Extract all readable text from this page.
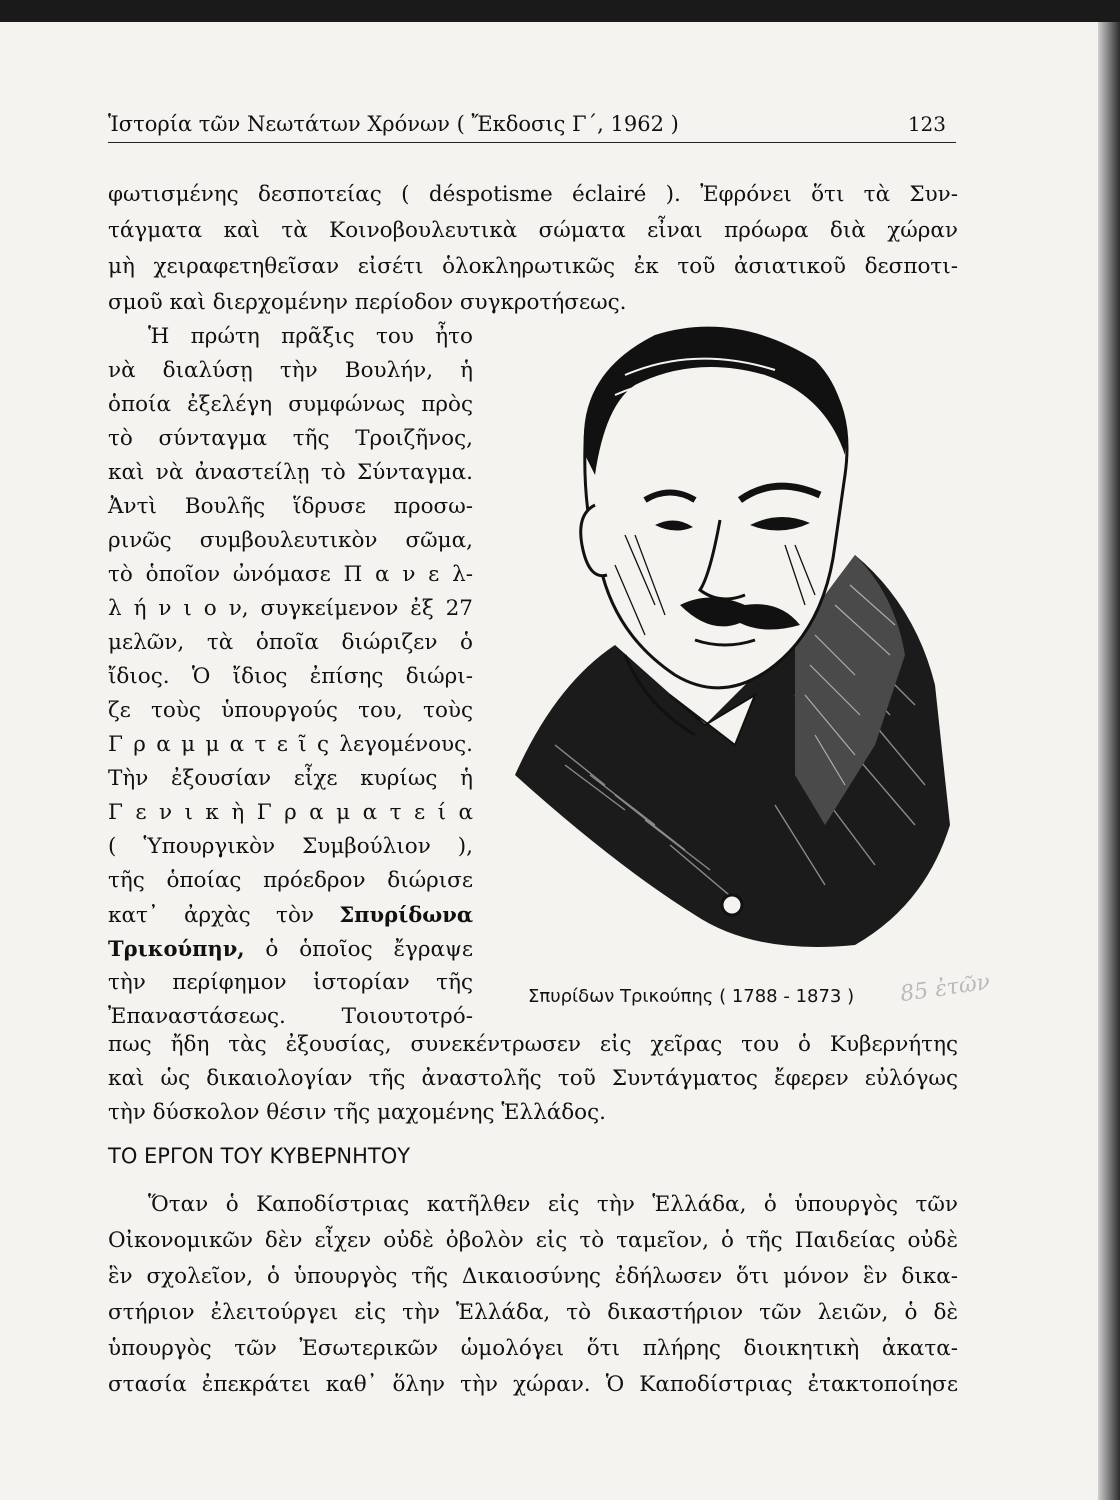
Ἱστορία τῶν Νεωτάτων Χρόνων ( Ἔκδοσις Γ΄, 1962 )	123
φωτισμένης δεσποτείας ( déspotisme éclairé ). Ἐφρόνει ὅτι τὰ Συν-
τάγματα καὶ τὰ Κοινοβουλευτικὰ σώματα εἶναι πρόωρα διὰ χώραν
μὴ χειραφετηθεῖσαν εἰσέτι ὁλοκληρωτικῶς ἐκ τοῦ ἀσιατικοῦ δεσποτι-
σμοῦ καὶ διερχομένην περίοδον συγκροτήσεως.
Ἡ πρώτη πρᾶξις του ἦτο
νὰ διαλύσῃ τὴν Βουλήν, ἡ
ὁποία ἐξελέγη συμφώνως πρὸς
τὸ σύνταγμα τῆς Τροιζῆνος,
καὶ νὰ ἀναστείλῃ τὸ Σύνταγμα.
Ἀντὶ Βουλῆς ἵδρυσε προσω-
ρινῶς συμβουλευτικὸν σῶμα,
τὸ ὁποῖον ὠνόμασε Π α ν ε λ-
λ ή ν ι ο ν, συγκείμενον ἐξ 27
μελῶν, τὰ ὁποῖα διώριζεν ὁ
ἴδιος. Ὁ ἴδιος ἐπίσης διώρι-
ζε τοὺς ὑπουργούς του, τοὺς
Γ ρ α μ μ α τ ε ῖ ς λεγομένους.
Τὴν ἐξουσίαν εἶχε κυρίως ἡ
Γ ε ν ι κ ὴ Γ ρ α μ α τ ε ί α
( Ὑπουργικὸν Συμβούλιον ),
τῆς ὁποίας πρόεδρον διώρισε
κατ᾿ ἀρχὰς τὸν Σπυρίδωνα
Τρικούπην, ὁ ὁποῖος ἔγραψε
τὴν περίφημον ἱστορίαν τῆς
Ἐπαναστάσεως. Τοιουτοτρό-
Σπυρίδων Τρικούπης ( 1788 - 1873 ) 85 ἐτῶν
πως ἤδη τὰς ἐξουσίας, συνεκέντρωσεν εἰς χεῖρας του ὁ Κυβερνήτης
καὶ ὡς δικαιολογίαν τῆς ἀναστολῆς τοῦ Συντάγματος ἔφερεν εὐλόγως
τὴν δύσκολον θέσιν τῆς μαχομένης Ἑλλάδος.
ΤΟ ΕΡΓΟΝ ΤΟΥ ΚΥΒΕΡΝΗΤΟΥ
Ὅταν ὁ Καποδίστριας κατῆλθεν εἰς τὴν Ἑλλάδα, ὁ ὑπουργὸς τῶν
Οἰκονομικῶν δὲν εἶχεν οὐδὲ ὀβολὸν εἰς τὸ ταμεῖον, ὁ τῆς Παιδείας οὐδὲ
ἓν σχολεῖον, ὁ ὑπουργὸς τῆς Δικαιοσύνης ἐδήλωσεν ὅτι μόνον ἓν δικα-
στήριον ἐλειτούργει εἰς τὴν Ἑλλάδα, τὸ δικαστήριον τῶν λειῶν, ὁ δὲ
ὑπουργὸς τῶν Ἐσωτερικῶν ὡμολόγει ὅτι πλήρης διοικητικὴ ἀκατα-
στασία ἐπεκράτει καθ᾿ ὅλην τὴν χώραν. Ὁ Καποδίστριας ἐτακτοποίησε
